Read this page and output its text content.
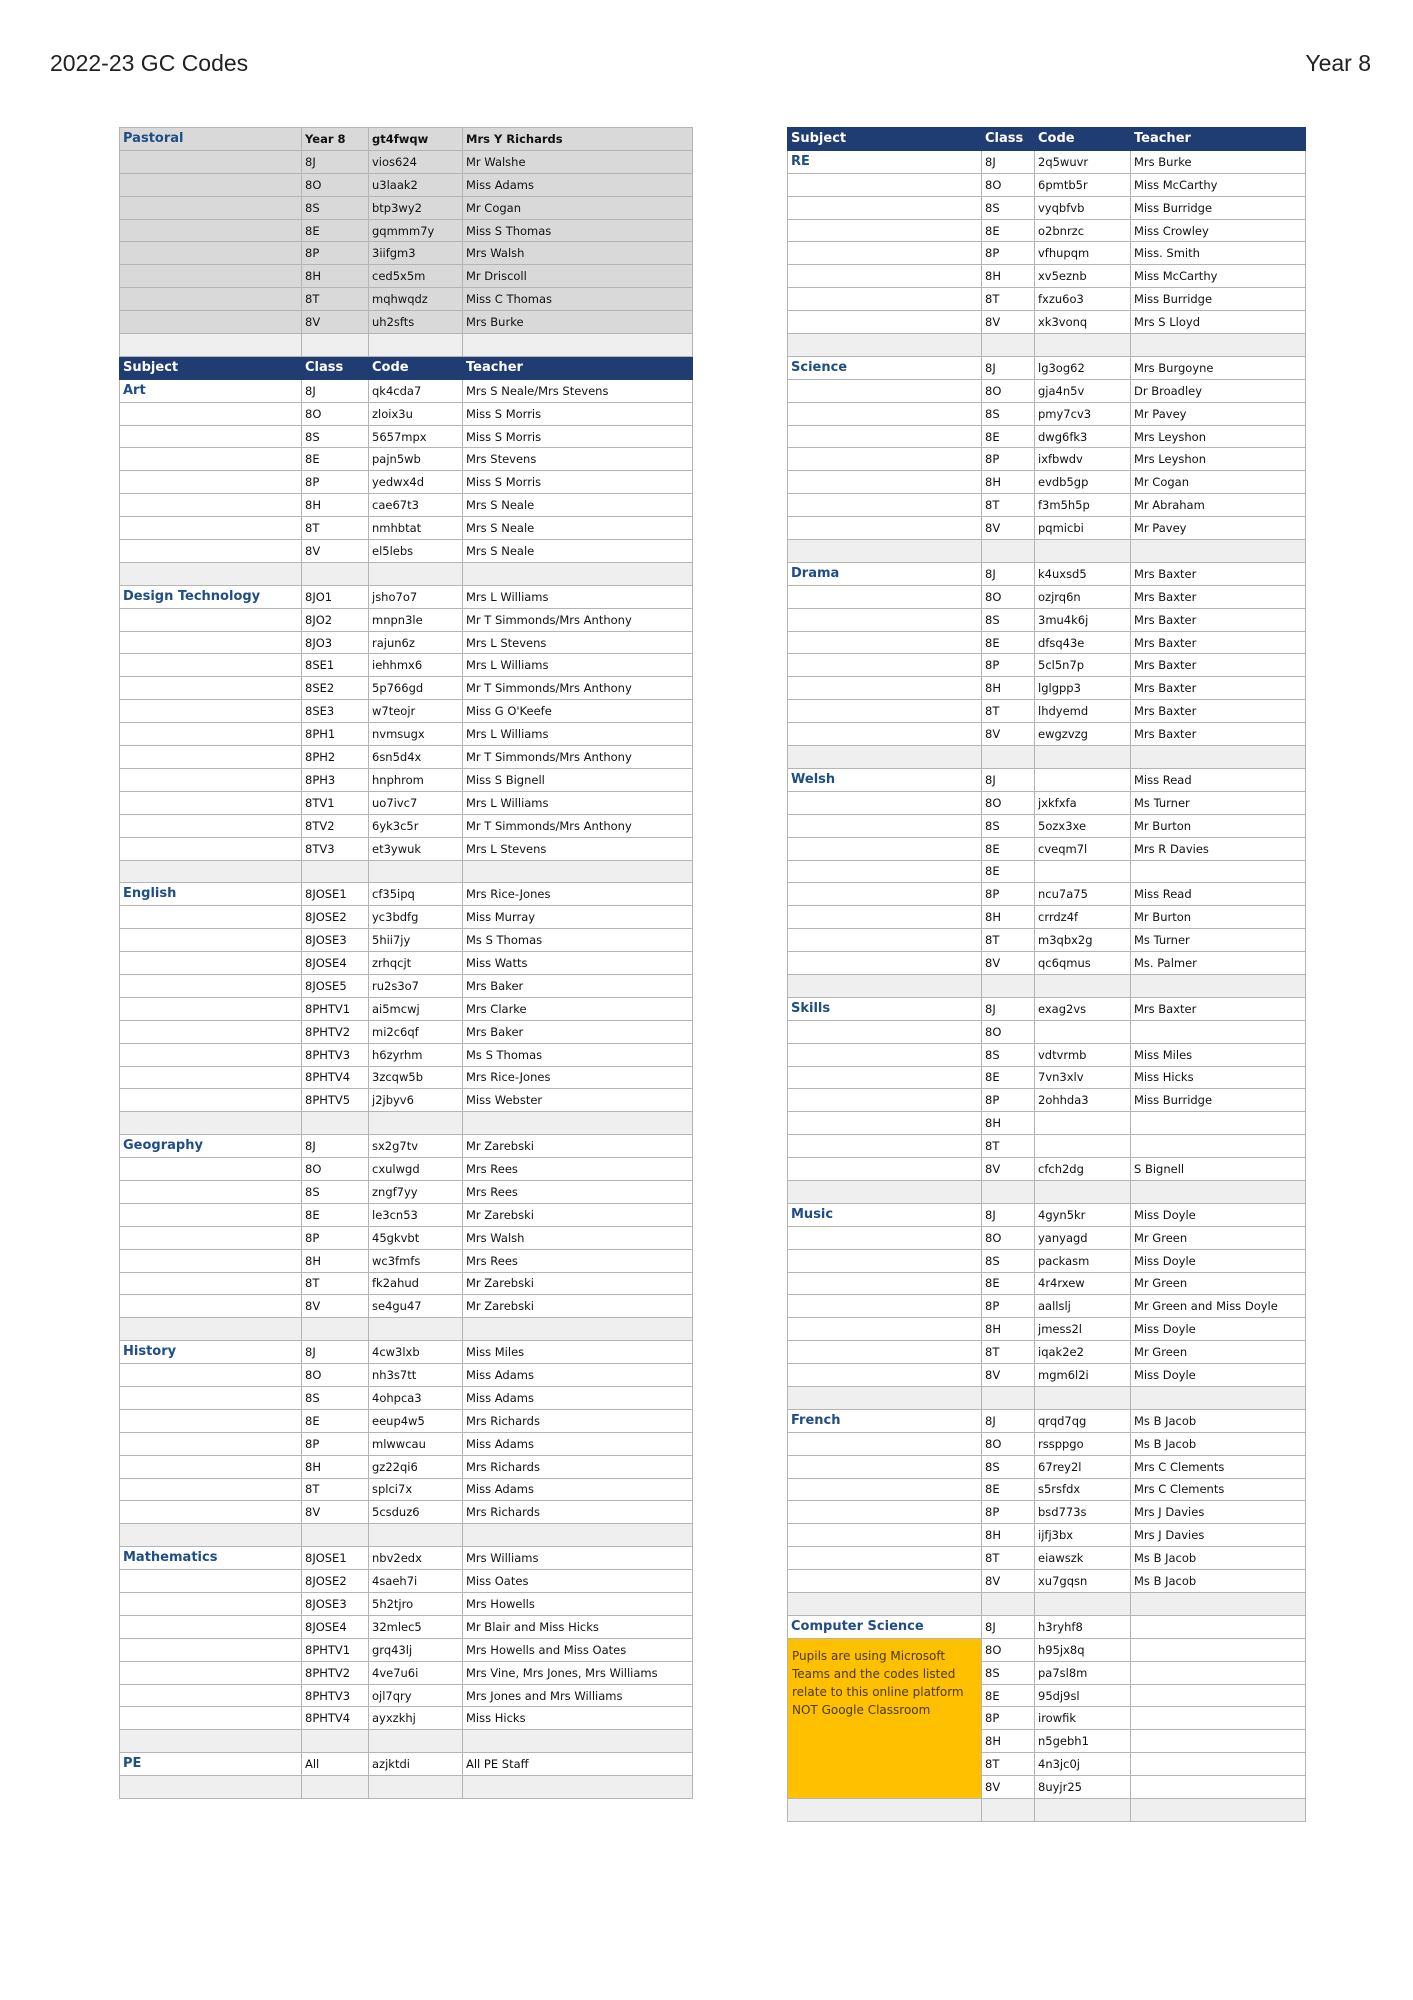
2022-23 GC Codes	Year 8
Pastoral	Year 8	gt4fwqw	Mrs Y Richards
	8J	vios624	Mr Walshe
	8O	u3laak2	Miss Adams
	8S	btp3wy2	Mr Cogan
	8E	gqmmm7y	Miss S Thomas
	8P	3iifgm3	Mrs Walsh
	8H	ced5x5m	Mr Driscoll
	8T	mqhwqdz	Miss C Thomas
	8V	uh2sfts	Mrs Burke

Subject	Class	Code	Teacher
Art	8J	qk4cda7	Mrs S Neale/Mrs Stevens
	8O	zloix3u	Miss S Morris
	8S	5657mpx	Miss S Morris
	8E	pajn5wb	Mrs Stevens
	8P	yedwx4d	Miss S Morris
	8H	cae67t3	Mrs S Neale
	8T	nmhbtat	Mrs S Neale
	8V	el5lebs	Mrs S Neale

Design Technology	8JO1	jsho7o7	Mrs L Williams
	8JO2	mnpn3le	Mr T Simmonds/Mrs Anthony
	8JO3	rajun6z	Mrs L Stevens
	8SE1	iehhmx6	Mrs L Williams
	8SE2	5p766gd	Mr T Simmonds/Mrs Anthony
	8SE3	w7teojr	Miss G O'Keefe
	8PH1	nvmsugx	Mrs L Williams
	8PH2	6sn5d4x	Mr T Simmonds/Mrs Anthony
	8PH3	hnphrom	Miss S Bignell
	8TV1	uo7ivc7	Mrs L Williams
	8TV2	6yk3c5r	Mr T Simmonds/Mrs Anthony
	8TV3	et3ywuk	Mrs L Stevens

English	8JOSE1	cf35ipq	Mrs Rice-Jones
	8JOSE2	yc3bdfg	Miss Murray
	8JOSE3	5hii7jy	Ms S Thomas
	8JOSE4	zrhqcjt	Miss Watts
	8JOSE5	ru2s3o7	Mrs Baker
	8PHTV1	ai5mcwj	Mrs Clarke
	8PHTV2	mi2c6qf	Mrs Baker
	8PHTV3	h6zyrhm	Ms S Thomas
	8PHTV4	3zcqw5b	Mrs Rice-Jones
	8PHTV5	j2jbyv6	Miss Webster

Geography	8J	sx2g7tv	Mr Zarebski
	8O	cxulwgd	Mrs Rees
	8S	zngf7yy	Mrs Rees
	8E	le3cn53	Mr Zarebski
	8P	45gkvbt	Mrs Walsh
	8H	wc3fmfs	Mrs Rees
	8T	fk2ahud	Mr Zarebski
	8V	se4gu47	Mr Zarebski

History	8J	4cw3lxb	Miss Miles
	8O	nh3s7tt	Miss Adams
	8S	4ohpca3	Miss Adams
	8E	eeup4w5	Mrs Richards
	8P	mlwwcau	Miss Adams
	8H	gz22qi6	Mrs Richards
	8T	splci7x	Miss Adams
	8V	5csduz6	Mrs Richards

Mathematics	8JOSE1	nbv2edx	Mrs Williams
	8JOSE2	4saeh7i	Miss Oates
	8JOSE3	5h2tjro	Mrs Howells
	8JOSE4	32mlec5	Mr Blair and Miss Hicks
	8PHTV1	grq43lj	Mrs Howells and Miss Oates
	8PHTV2	4ve7u6i	Mrs Vine, Mrs Jones, Mrs Williams
	8PHTV3	ojl7qry	Mrs Jones and Mrs Williams
	8PHTV4	ayxzkhj	Miss Hicks

PE	All	azjktdi	All PE Staff

Subject	Class	Code	Teacher
RE	8J	2q5wuvr	Mrs Burke
	8O	6pmtb5r	Miss McCarthy
	8S	vyqbfvb	Miss Burridge
	8E	o2bnrzc	Miss Crowley
	8P	vfhupqm	Miss. Smith
	8H	xv5eznb	Miss McCarthy
	8T	fxzu6o3	Miss Burridge
	8V	xk3vonq	Mrs S Lloyd

Science	8J	lg3og62	Mrs Burgoyne
	8O	gja4n5v	Dr Broadley
	8S	pmy7cv3	Mr Pavey
	8E	dwg6fk3	Mrs Leyshon
	8P	ixfbwdv	Mrs Leyshon
	8H	evdb5gp	Mr Cogan
	8T	f3m5h5p	Mr Abraham
	8V	pqmicbi	Mr Pavey

Drama	8J	k4uxsd5	Mrs Baxter
	8O	ozjrq6n	Mrs Baxter
	8S	3mu4k6j	Mrs Baxter
	8E	dfsq43e	Mrs Baxter
	8P	5cl5n7p	Mrs Baxter
	8H	lglgpp3	Mrs Baxter
	8T	lhdyemd	Mrs Baxter
	8V	ewgzvzg	Mrs Baxter

Welsh	8J		Miss Read
	8O	jxkfxfa	Ms Turner
	8S	5ozx3xe	Mr Burton
	8E	cveqm7l	Mrs R Davies
	8E		
	8P	ncu7a75	Miss Read
	8H	crrdz4f	Mr Burton
	8T	m3qbx2g	Ms Turner
	8V	qc6qmus	Ms. Palmer

Skills	8J	exag2vs	Mrs Baxter
	8O		
	8S	vdtvrmb	Miss Miles
	8E	7vn3xlv	Miss Hicks
	8P	2ohhda3	Miss Burridge
	8H		
	8T		
	8V	cfch2dg	S Bignell

Music	8J	4gyn5kr	Miss Doyle
	8O	yanyagd	Mr Green
	8S	packasm	Miss Doyle
	8E	4r4rxew	Mr Green
	8P	aallslj	Mr Green and Miss Doyle
	8H	jmess2l	Miss Doyle
	8T	iqak2e2	Mr Green
	8V	mgm6l2i	Miss Doyle

French	8J	qrqd7qg	Ms B Jacob
	8O	rssppgo	Ms B Jacob
	8S	67rey2l	Mrs C Clements
	8E	s5rsfdx	Mrs C Clements
	8P	bsd773s	Mrs J Davies
	8H	ijfj3bx	Mrs J Davies
	8T	eiawszk	Ms B Jacob
	8V	xu7gqsn	Ms B Jacob

Computer Science	8J	h3ryhf8	
Pupils are using Microsoft Teams and the codes listed relate to this online platform NOT Google Classroom	8O	h95jx8q	
	8S	pa7sl8m	
	8E	95dj9sl	
	8P	irowfik	
	8H	n5gebh1	
	8T	4n3jc0j	
	8V	8uyjr25	
